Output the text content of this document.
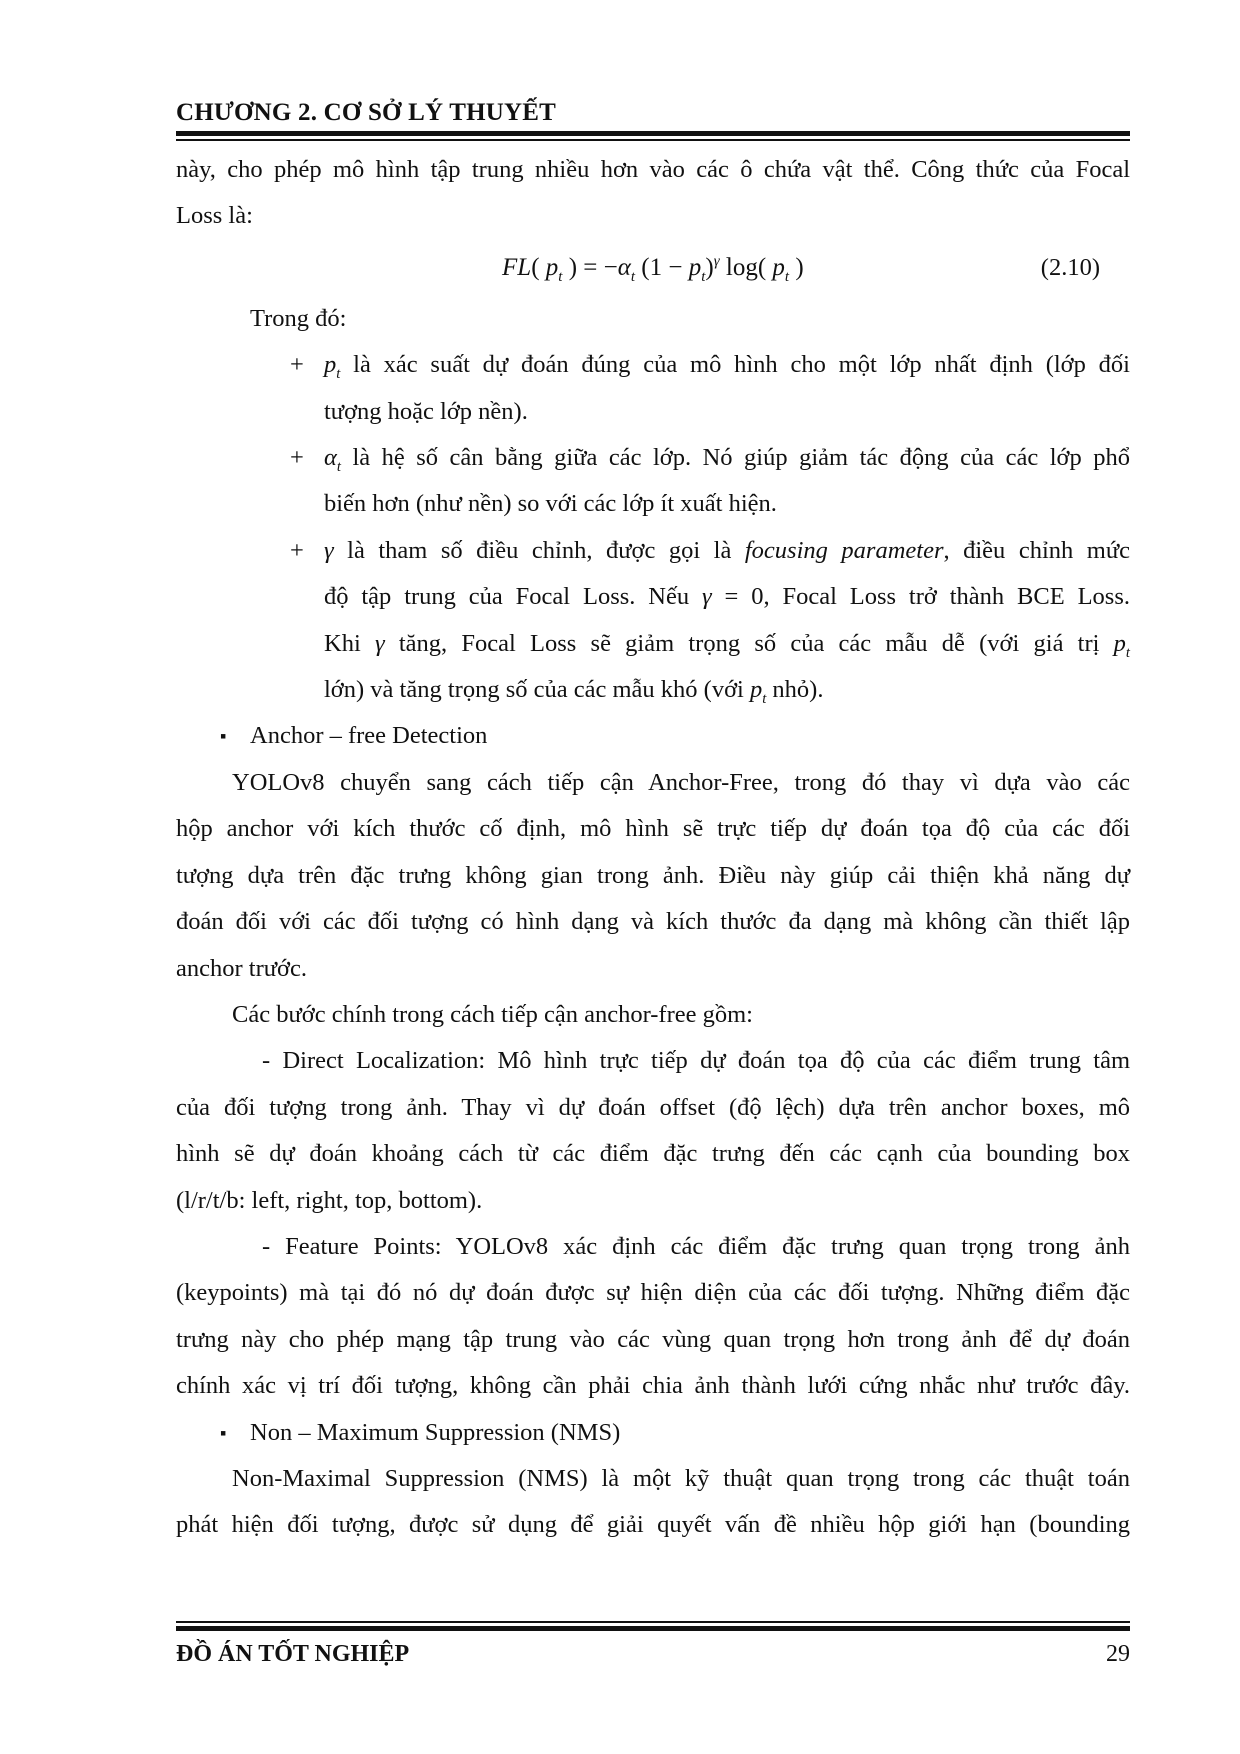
CHƯƠNG 2. CƠ SỞ LÝ THUYẾT

này, cho phép mô hình tập trung nhiều hơn vào các ô chứa vật thể. Công thức của Focal

Loss là:

FL( $p_t$ ) = $-\alpha_t$ $(1 - p_t)^\gamma$ log( $p_t$ )	(2.10)

Trong đó:

+ $p_t$ là xác suất dự đoán đúng của mô hình cho một lớp nhất định (lớp đối

tượng hoặc lớp nền).

+ $\alpha_t$ là hệ số cân bằng giữa các lớp. Nó giúp giảm tác động của các lớp phổ

biến hơn (như nền) so với các lớp ít xuất hiện.

+ γ là tham số điều chỉnh, được gọi là focusing parameter, điều chỉnh mức

độ tập trung của Focal Loss. Nếu γ = 0, Focal Loss trở thành BCE Loss.

Khi γ tăng, Focal Loss sẽ giảm trọng số của các mẫu dễ (với giá trị $p_t$

lớn) và tăng trọng số của các mẫu khó (với $p_t$ nhỏ).

▪ Anchor – free Detection

YOLOv8 chuyển sang cách tiếp cận Anchor-Free, trong đó thay vì dựa vào các

hộp anchor với kích thước cố định, mô hình sẽ trực tiếp dự đoán tọa độ của các đối

tượng dựa trên đặc trưng không gian trong ảnh. Điều này giúp cải thiện khả năng dự

đoán đối với các đối tượng có hình dạng và kích thước đa dạng mà không cần thiết lập

anchor trước.

Các bước chính trong cách tiếp cận anchor-free gồm:

- Direct Localization: Mô hình trực tiếp dự đoán tọa độ của các điểm trung tâm

của đối tượng trong ảnh. Thay vì dự đoán offset (độ lệch) dựa trên anchor boxes, mô

hình sẽ dự đoán khoảng cách từ các điểm đặc trưng đến các cạnh của bounding box

(l/r/t/b: left, right, top, bottom).

- Feature Points: YOLOv8 xác định các điểm đặc trưng quan trọng trong ảnh

(keypoints) mà tại đó nó dự đoán được sự hiện diện của các đối tượng. Những điểm đặc

trưng này cho phép mạng tập trung vào các vùng quan trọng hơn trong ảnh để dự đoán

chính xác vị trí đối tượng, không cần phải chia ảnh thành lưới cứng nhắc như trước đây.

▪ Non – Maximum Suppression (NMS)

Non-Maximal Suppression (NMS) là một kỹ thuật quan trọng trong các thuật toán

phát hiện đối tượng, được sử dụng để giải quyết vấn đề nhiều hộp giới hạn (bounding

ĐỒ ÁN TỐT NGHIỆP	29
